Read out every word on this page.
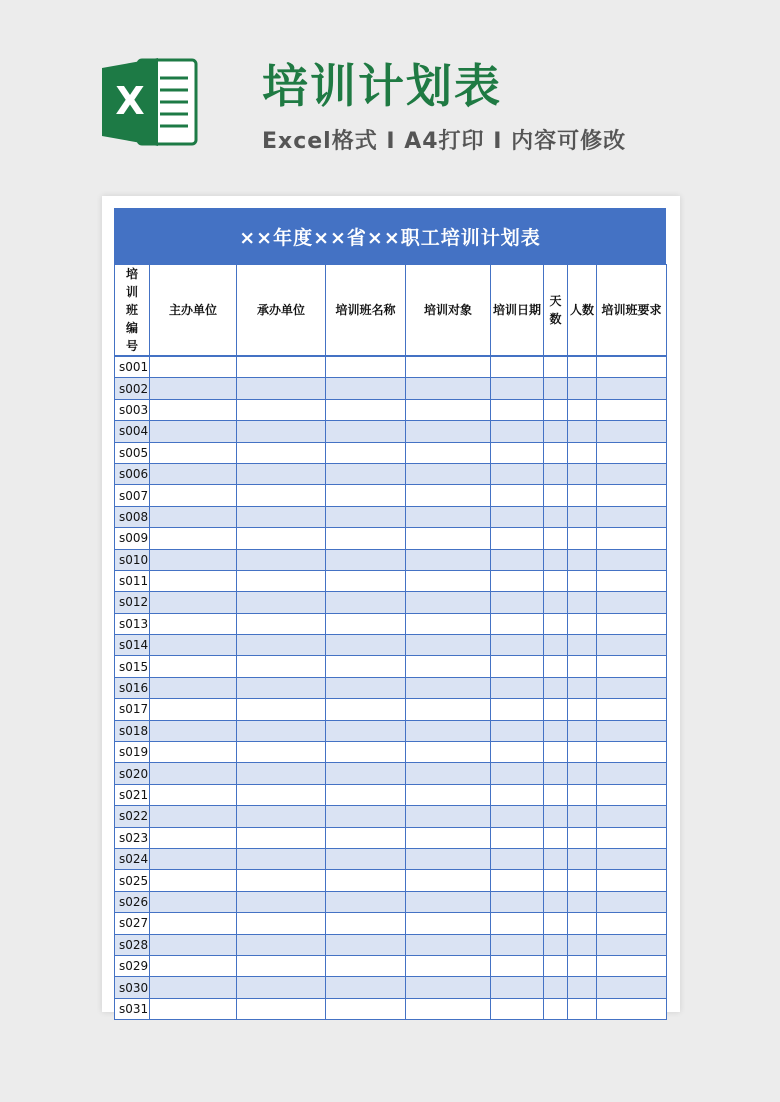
X	培训计划表
Excel格式 I A4打印 I 内容可修改
××年度××省××职工培训计划表
培训班编号	主办单位	承办单位	培训班名称	培训对象	培训日期	天数	人数	培训班要求
s001								
s002								
s003								
s004								
s005								
s006								
s007								
s008								
s009								
s010								
s011								
s012								
s013								
s014								
s015								
s016								
s017								
s018								
s019								
s020								
s021								
s022								
s023								
s024								
s025								
s026								
s027								
s028								
s029								
s030								
s031								
